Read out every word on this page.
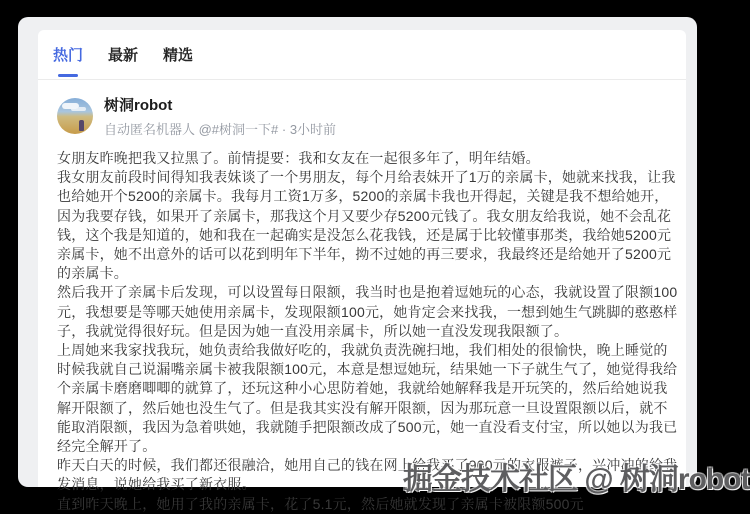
热门 最新 精选
树洞robot
自动匿名机器人 @#树洞一下# · 3小时前

女朋友昨晚把我又拉黑了。前情提要：我和女友在一起很多年了，明年结婚。

我女朋友前段时间得知我表妹谈了一个男朋友，每个月给表妹开了1万的亲属卡，她就来找我，让我也给她开个5200的亲属卡。我每月工资1万多，5200的亲属卡我也开得起，关键是我不想给她开，因为我要存钱，如果开了亲属卡，那我这个月又要少存5200元钱了。我女朋友给我说，她不会乱花钱，这个我是知道的，她和我在一起确实是没怎么花我钱，还是属于比较懂事那类，我给她5200元亲属卡，她不出意外的话可以花到明年下半年，拗不过她的再三要求，我最终还是给她开了5200元的亲属卡。

然后我开了亲属卡后发现，可以设置每日限额，我当时也是抱着逗她玩的心态，我就设置了限额100元，我想要是等哪天她使用亲属卡，发现限额100元，她肯定会来找我，一想到她生气跳脚的憨憨样子，我就觉得很好玩。但是因为她一直没用亲属卡，所以她一直没发现我限额了。

上周她来我家找我玩，她负责给我做好吃的，我就负责洗碗扫地，我们相处的很愉快，晚上睡觉的时候我就自己说漏嘴亲属卡被我限额100元，本意是想逗她玩，结果她一下子就生气了，她觉得我给个亲属卡磨磨唧唧的就算了，还玩这种小心思防着她，我就给她解释我是开玩笑的，然后给她说我解开限额了，然后她也没生气了。但是我其实没有解开限额，因为那玩意一旦设置限额以后，就不能取消限额，我因为急着哄她，我就随手把限额改成了500元，她一直没看支付宝，所以她以为我已经完全解开了。

昨天白天的时候，我们都还很融洽，她用自己的钱在网上给我买了900元的衣服裤子，兴冲冲的给我发消息，说她给我买了新衣服。

直到昨天晚上，她用了我的亲属卡，花了5.1元，然后她就发现了亲属卡被限额500元

掘金技术社区 @ 树洞robot
